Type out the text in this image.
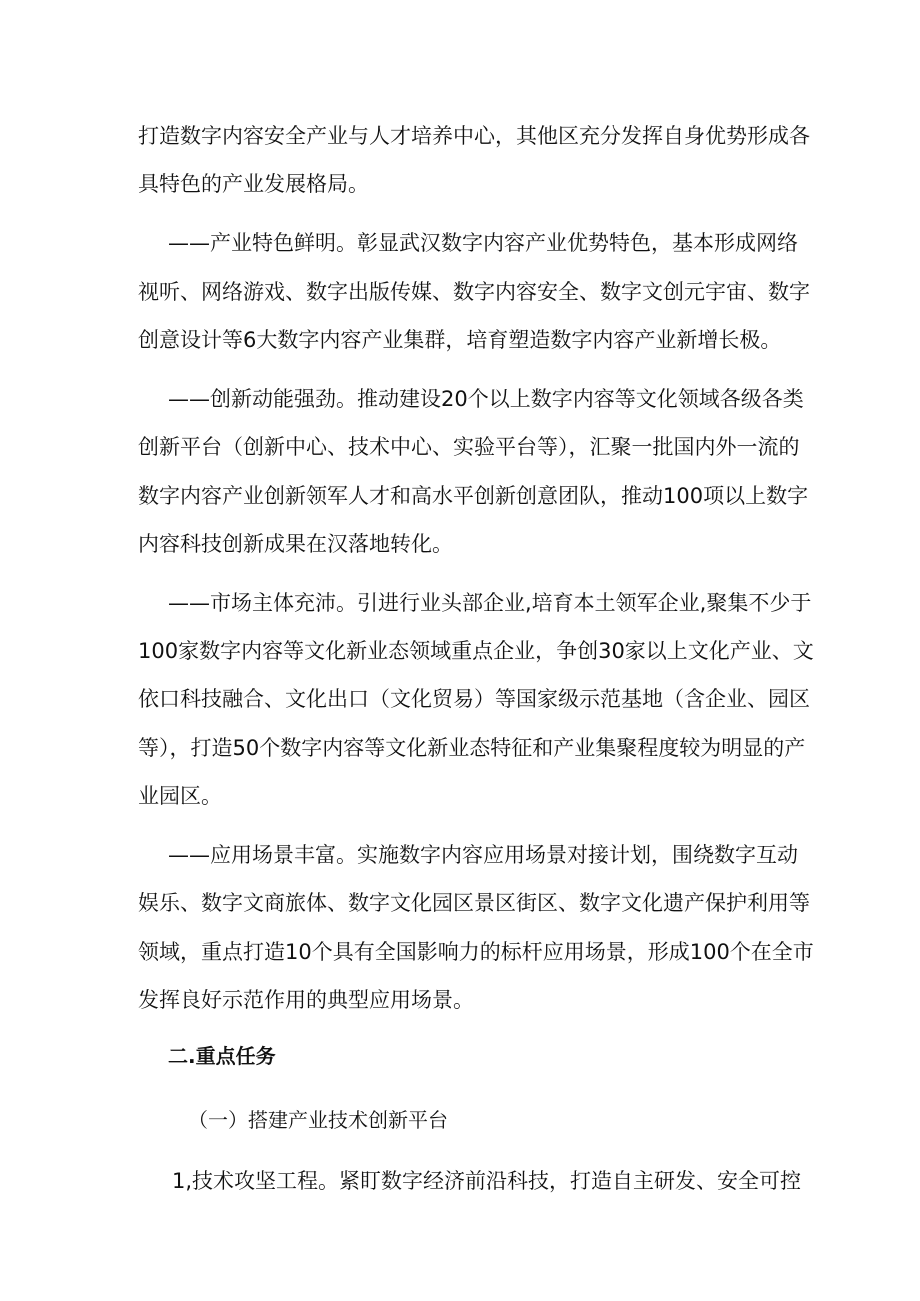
打造数字内容安全产业与人才培养中心，其他区充分发挥自身优势形成各
具特色的产业发展格局。
——产业特色鲜明。彰显武汉数字内容产业优势特色，基本形成网络
视听、网络游戏、数字出版传媒、数字内容安全、数字文创元宇宙、数字
创意设计等6大数字内容产业集群，培育塑造数字内容产业新增长极。
——创新动能强劲。推动建设20个以上数字内容等文化领域各级各类
创新平台（创新中心、技术中心、实验平台等），汇聚一批国内外一流的
数字内容产业创新领军人才和高水平创新创意团队，推动100项以上数字
内容科技创新成果在汉落地转化。
——市场主体充沛。引进行业头部企业,培育本土领军企业,聚集不少于
100家数字内容等文化新业态领域重点企业，争创30家以上文化产业、文
依口科技融合、文化出口（文化贸易）等国家级示范基地（含企业、园区
等），打造50个数字内容等文化新业态特征和产业集聚程度较为明显的产
业园区。
——应用场景丰富。实施数字内容应用场景对接计划，围绕数字互动
娱乐、数字文商旅体、数字文化园区景区街区、数字文化遗产保护利用等
领域，重点打造10个具有全国影响力的标杆应用场景，形成100个在全市
发挥良好示范作用的典型应用场景。
二.重点任务
（一）搭建产业技术创新平台
1,技术攻坚工程。紧盯数字经济前沿科技，打造自主研发、安全可控
